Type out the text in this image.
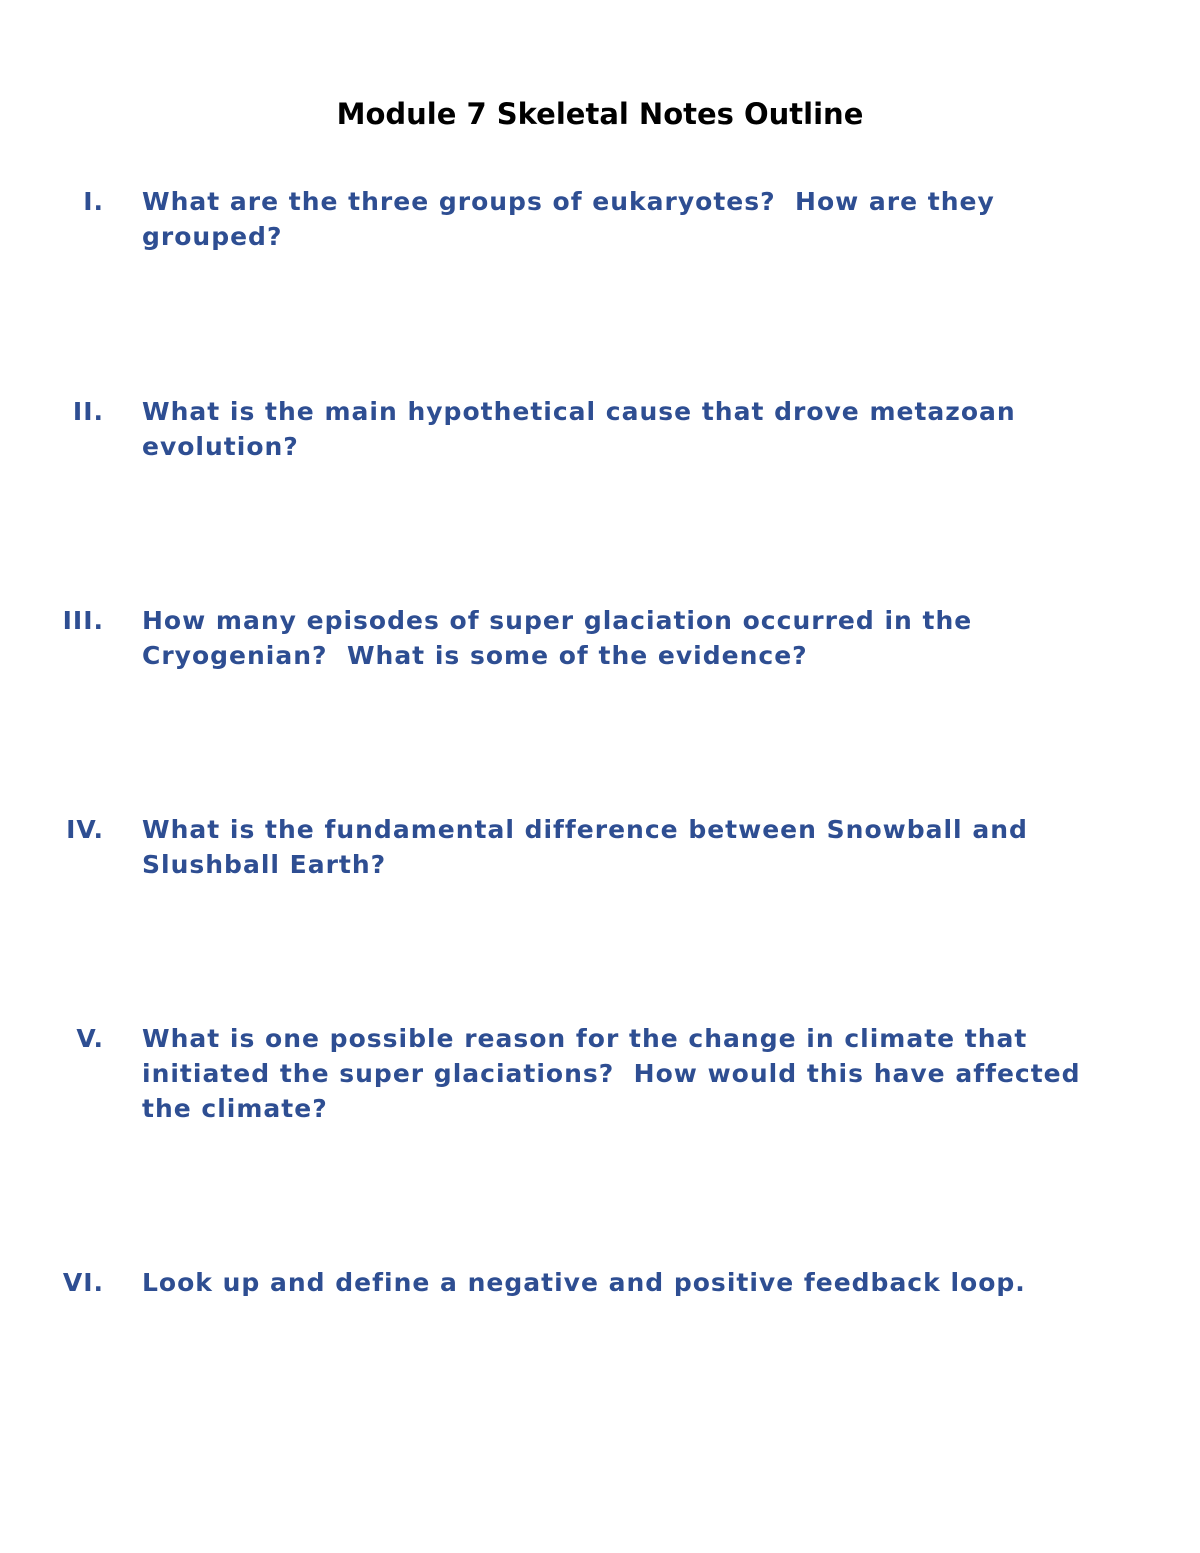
Module 7 Skeletal Notes Outline
I. What are the three groups of eukaryotes?  How are they
grouped?
II. What is the main hypothetical cause that drove metazoan
evolution?
III. How many episodes of super glaciation occurred in the
Cryogenian?  What is some of the evidence?
IV. What is the fundamental difference between Snowball and
Slushball Earth?
V. What is one possible reason for the change in climate that
initiated the super glaciations?  How would this have affected
the climate?
VI. Look up and define a negative and positive feedback loop.
